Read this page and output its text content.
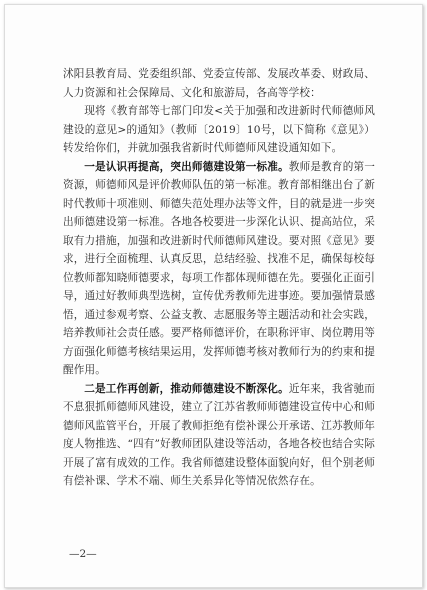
沭阳县教育局、党委组织部、党委宣传部、发展改革委、财政局、人力资源和社会保障局、文化和旅游局，各高等学校：

现将《教育部等七部门印发<关于加强和改进新时代师德师风建设的意见>的通知》（教师〔2019〕10号，以下简称《意见》）转发给你们，并就加强我省新时代师德师风建设通知如下。

一是认识再提高，突出师德建设第一标准。教师是教育的第一资源，师德师风是评价教师队伍的第一标准。教育部相继出台了新时代教师十项准则、师德失范处理办法等文件，目的就是进一步突出师德建设第一标准。各地各校要进一步深化认识、提高站位，采取有力措施，加强和改进新时代师德师风建设。要对照《意见》要求，进行全面梳理、认真反思，总结经验、找准不足，确保每校每位教师都知晓师德要求，每项工作都体现师德在先。要强化正面引导，通过好教师典型选树，宣传优秀教师先进事迹。要加强情景感悟，通过参观考察、公益支教、志愿服务等主题活动和社会实践，培养教师社会责任感。要严格师德评价，在职称评审、岗位聘用等方面强化师德考核结果运用，发挥师德考核对教师行为的约束和提醒作用。

二是工作再创新，推动师德建设不断深化。近年来，我省驰而不息狠抓师德师风建设，建立了江苏省教师师德建设宣传中心和师德师风监管平台，开展了教师拒绝有偿补课公开承诺、江苏教师年度人物推选、“四有”好教师团队建设等活动，各地各校也结合实际开展了富有成效的工作。我省师德建设整体面貌向好，但个别老师有偿补课、学术不端、师生关系异化等情况依然存在。

—2—
